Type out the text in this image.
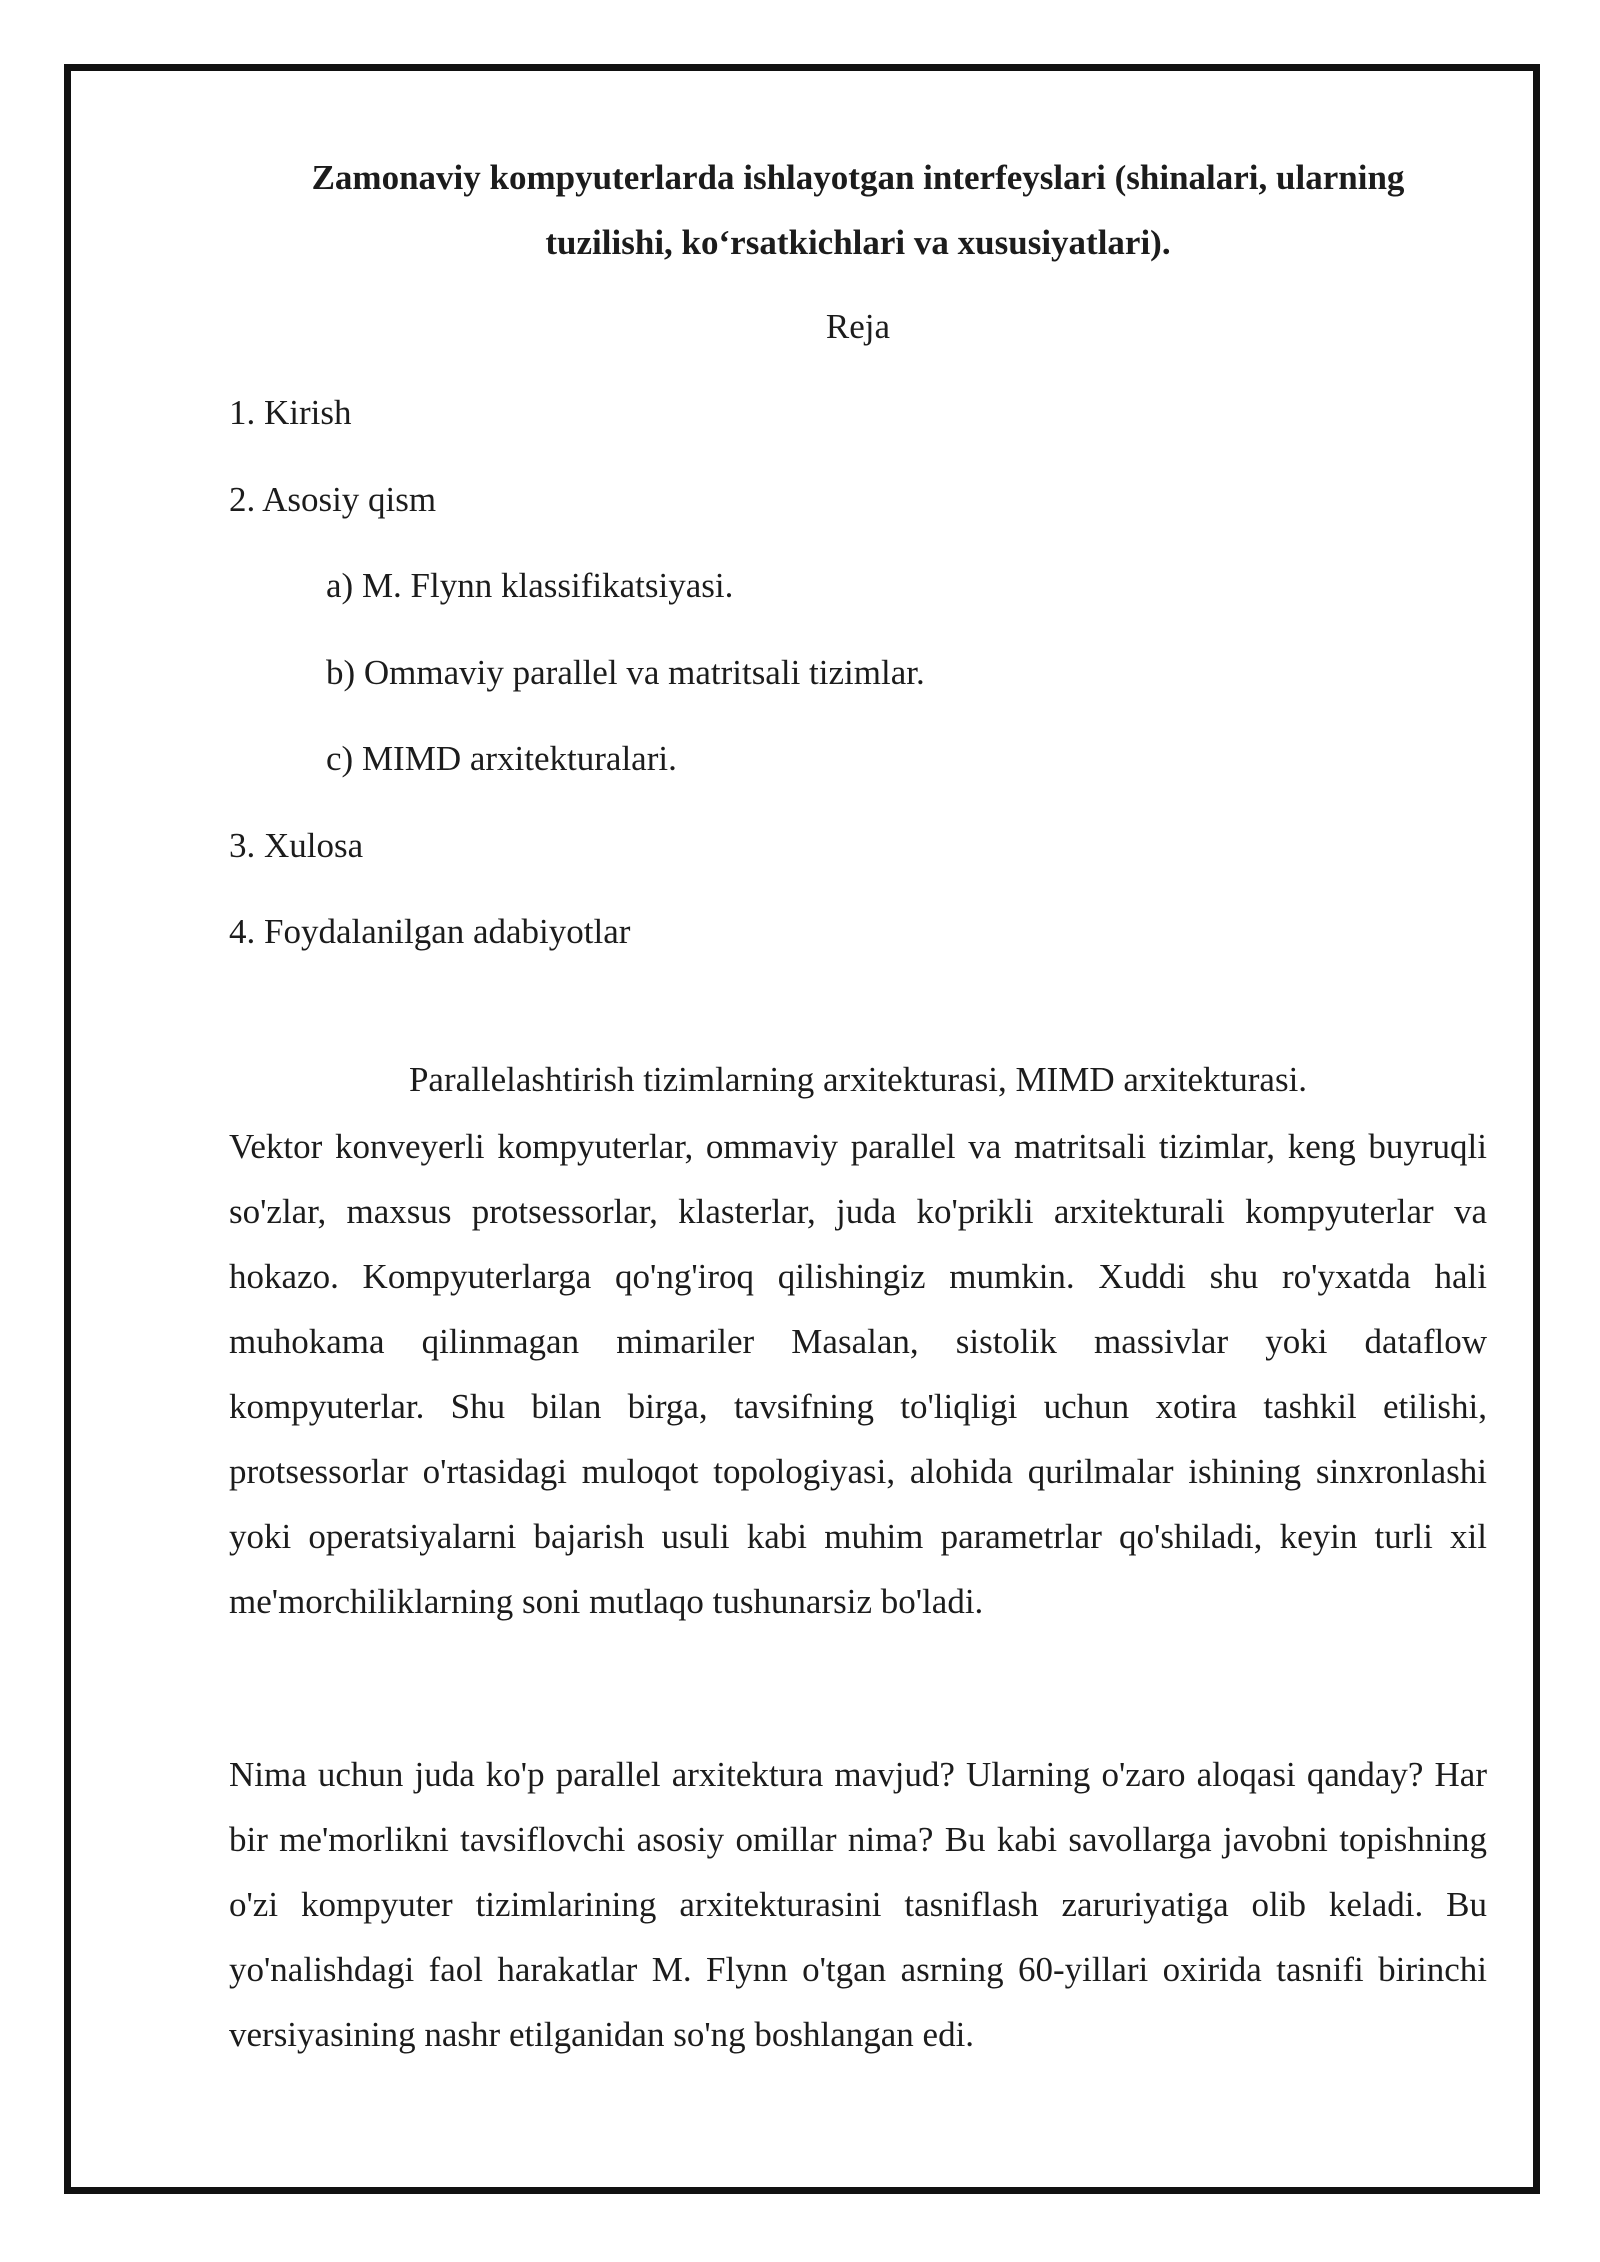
Zamonaviy kompyuterlarda ishlayotgan interfeyslari (shinalari, ularning tuzilishi, ko‘rsatkichlari va xususiyatlari).
Reja
1. Kirish
2. Asosiy qism
a) M. Flynn klassifikatsiyasi.
b) Ommaviy parallel va matritsali tizimlar.
c) MIMD arxitekturalari.
3. Xulosa
4. Foydalanilgan adabiyotlar
Parallelashtirish tizimlarning arxitekturasi, MIMD arxitekturasi.

Vektor konveyerli kompyuterlar, ommaviy parallel va matritsali tizimlar, keng buyruqli so'zlar, maxsus protsessorlar, klasterlar, juda ko'prikli arxitekturali kompyuterlar va hokazo. Kompyuterlarga qo'ng'iroq qilishingiz mumkin. Xuddi shu ro'yxatda hali muhokama qilinmagan mimariler Masalan, sistolik massivlar yoki dataflow kompyuterlar. Shu bilan birga, tavsifning to'liqligi uchun xotira tashkil etilishi, protsessorlar o'rtasidagi muloqot topologiyasi, alohida qurilmalar ishining sinxronlashi yoki operatsiyalarni bajarish usuli kabi muhim parametrlar qo'shiladi, keyin turli xil me'morchiliklarning soni mutlaqo tushunarsiz bo'ladi.

Nima uchun juda ko'p parallel arxitektura mavjud? Ularning o'zaro aloqasi qanday? Har bir me'morlikni tavsiflovchi asosiy omillar nima? Bu kabi savollarga javobni topishning o'zi kompyuter tizimlarining arxitekturasini tasniflash zaruriyatiga olib keladi. Bu yo'nalishdagi faol harakatlar M. Flynn o'tgan asrning 60-yillari oxirida tasnifi birinchi versiyasining nashr etilganidan so'ng boshlangan edi.
